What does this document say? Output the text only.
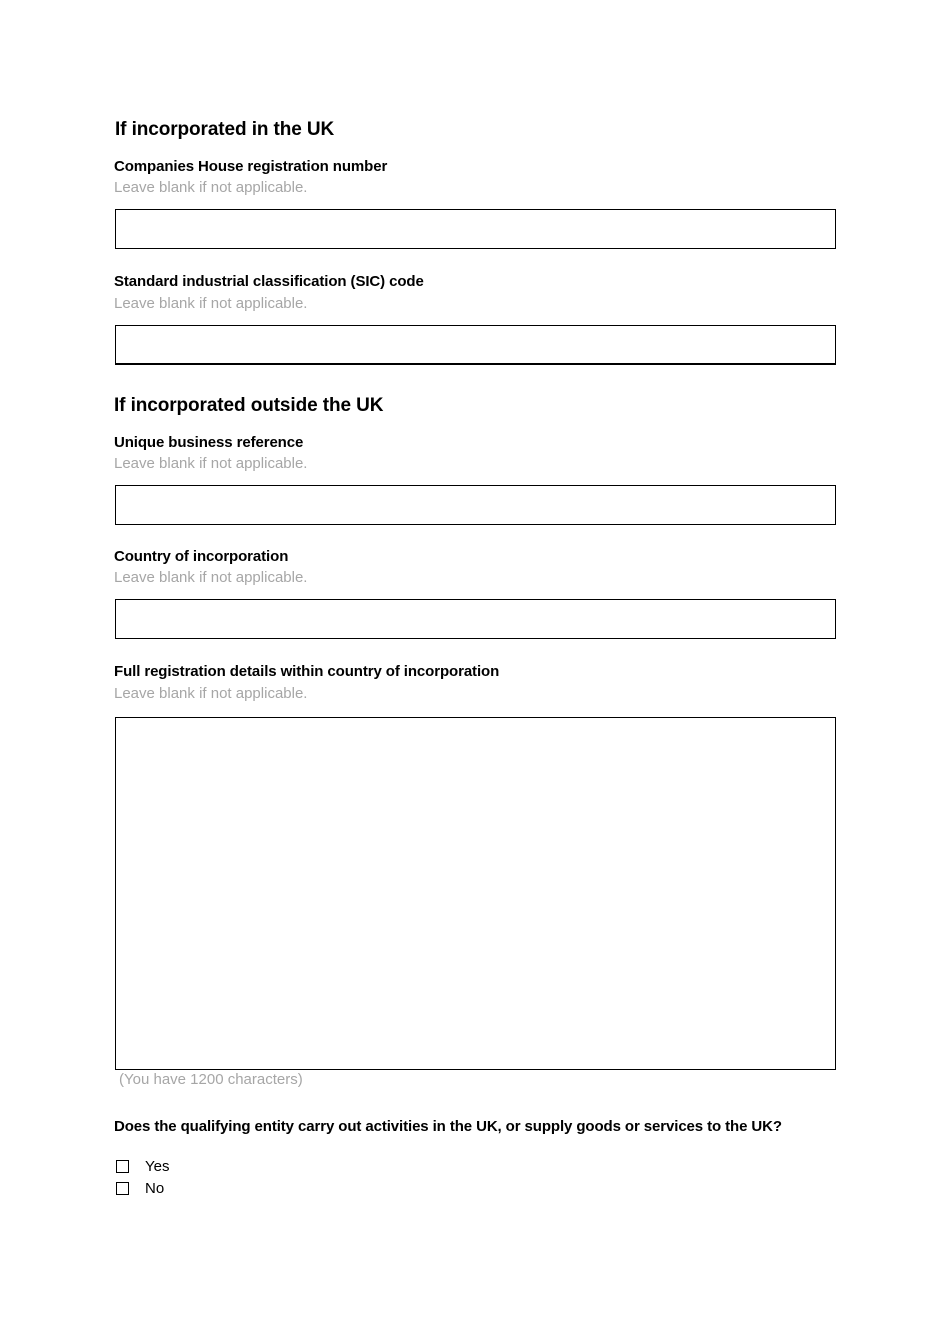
If incorporated in the UK
Companies House registration number
Leave blank if not applicable.
Standard industrial classification (SIC) code
Leave blank if not applicable.
If incorporated outside the UK
Unique business reference
Leave blank if not applicable.
Country of incorporation
Leave blank if not applicable.
Full registration details within country of incorporation
Leave blank if not applicable.
(You have 1200 characters)
Does the qualifying entity carry out activities in the UK, or supply goods or services to the UK?
Yes
No
